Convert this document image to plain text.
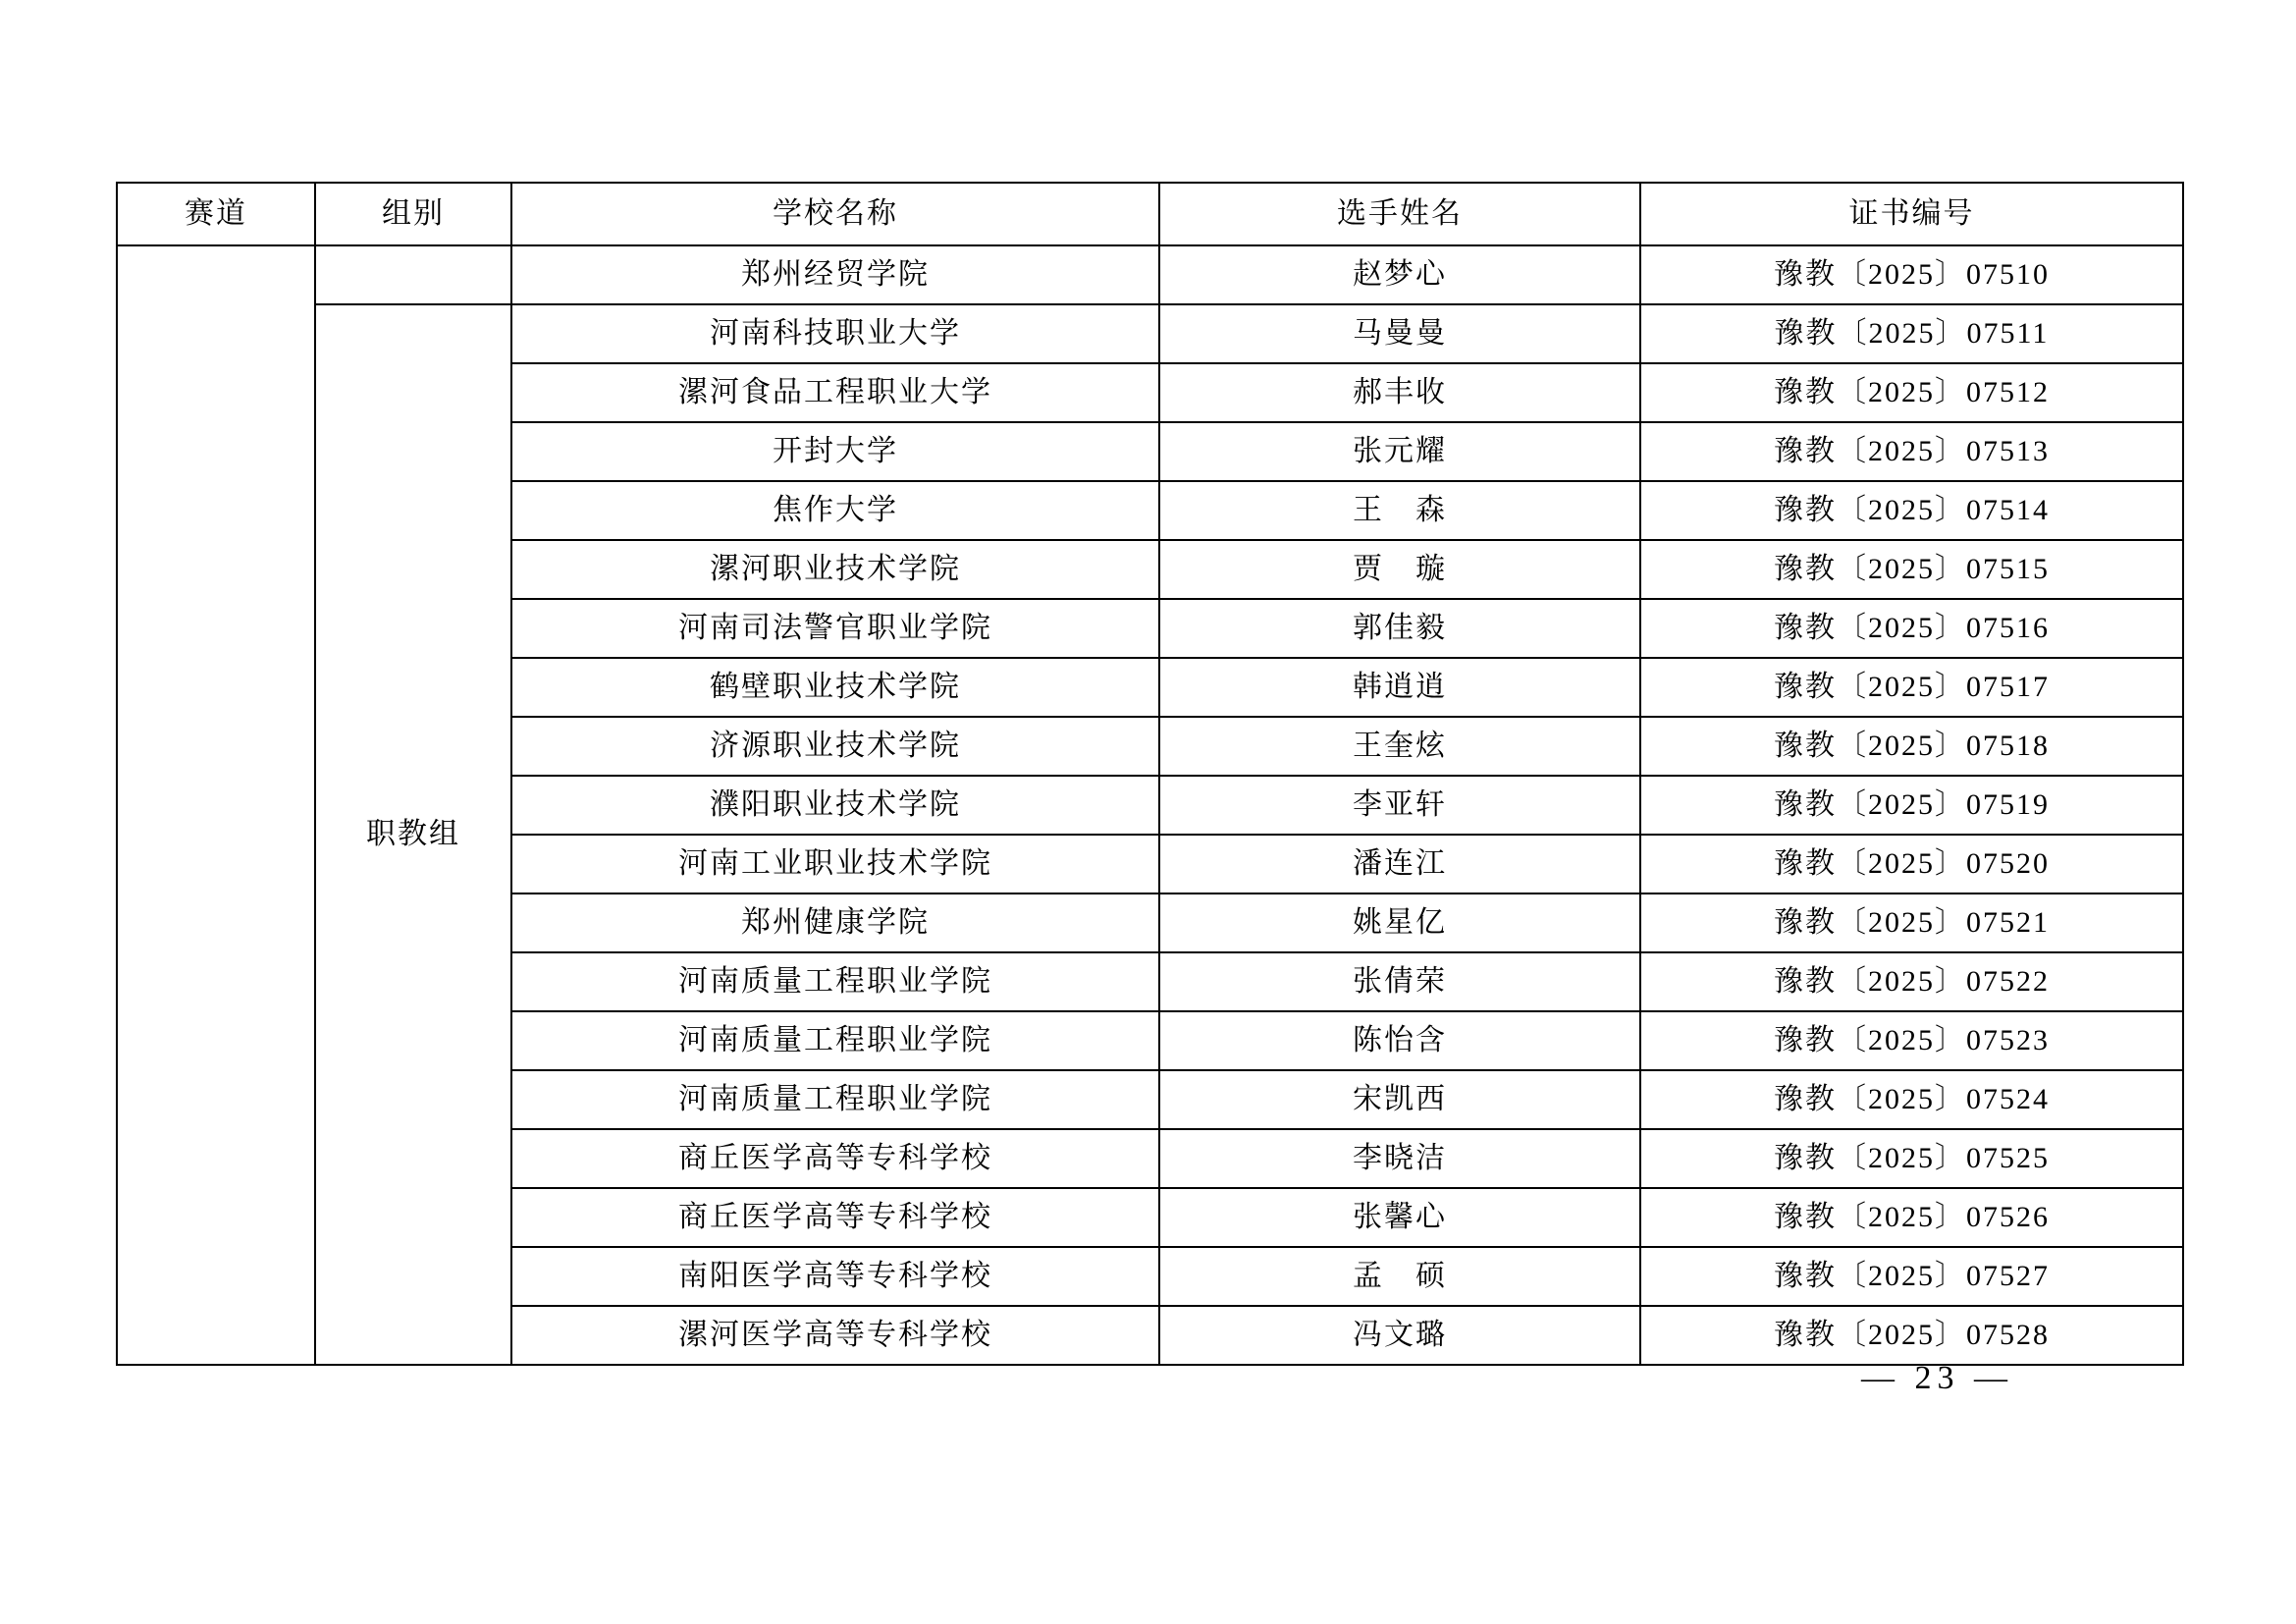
赛道	组别	学校名称	选手姓名	证书编号
		郑州经贸学院	赵梦心	豫教〔2025〕07510
	职教组	河南科技职业大学	马曼曼	豫教〔2025〕07511
		漯河食品工程职业大学	郝丰收	豫教〔2025〕07512
		开封大学	张元耀	豫教〔2025〕07513
		焦作大学	王　森	豫教〔2025〕07514
		漯河职业技术学院	贾　璇	豫教〔2025〕07515
		河南司法警官职业学院	郭佳毅	豫教〔2025〕07516
		鹤壁职业技术学院	韩逍逍	豫教〔2025〕07517
		济源职业技术学院	王奎炫	豫教〔2025〕07518
		濮阳职业技术学院	李亚轩	豫教〔2025〕07519
		河南工业职业技术学院	潘连江	豫教〔2025〕07520
		郑州健康学院	姚星亿	豫教〔2025〕07521
		河南质量工程职业学院	张倩荣	豫教〔2025〕07522
		河南质量工程职业学院	陈怡含	豫教〔2025〕07523
		河南质量工程职业学院	宋凯西	豫教〔2025〕07524
		商丘医学高等专科学校	李晓洁	豫教〔2025〕07525
		商丘医学高等专科学校	张馨心	豫教〔2025〕07526
		南阳医学高等专科学校	孟　硕	豫教〔2025〕07527
		漯河医学高等专科学校	冯文璐	豫教〔2025〕07528
— 23 —
